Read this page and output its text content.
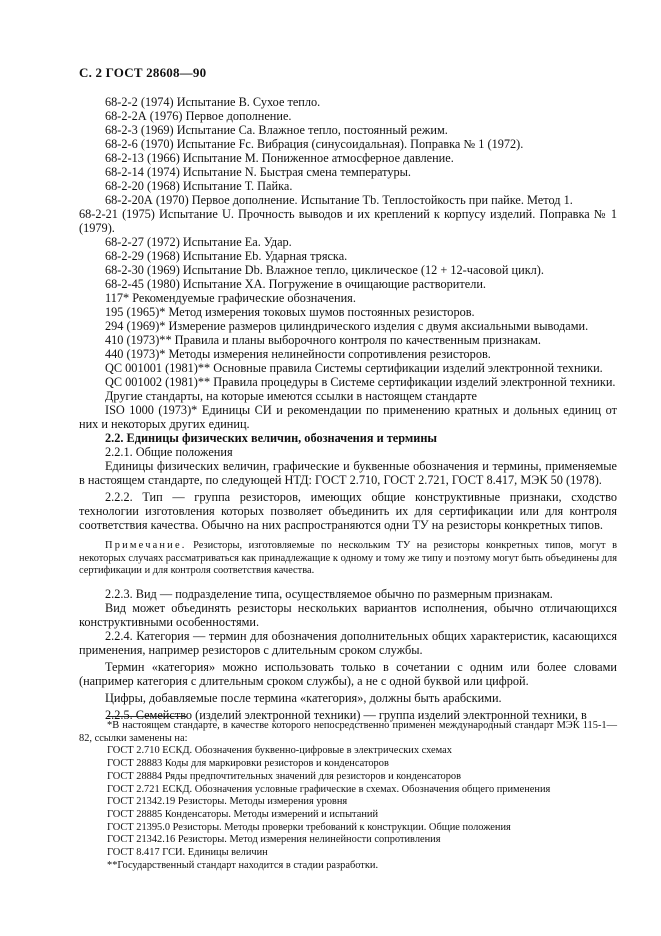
С. 2 ГОСТ 28608—90
68-2-2 (1974) Испытание В. Сухое тепло.
68-2-2А (1976) Первое дополнение.
68-2-3 (1969) Испытание Са. Влажное тепло, постоянный режим.
68-2-6 (1970) Испытание Fc. Вибрация (синусоидальная). Поправка № 1 (1972).
68-2-13 (1966) Испытание М. Пониженное атмосферное давление.
68-2-14 (1974) Испытание N. Быстрая смена температуры.
68-2-20 (1968) Испытание Т. Пайка.
68-2-20А (1970) Первое дополнение. Испытание Tb. Теплостойкость при пайке. Метод 1.
68-2-21 (1975) Испытание U. Прочность выводов и их креплений к корпусу изделий. Поправка № 1 (1979).
68-2-27 (1972) Испытание Еа. Удар.
68-2-29 (1968) Испытание Eb. Ударная тряска.
68-2-30 (1969) Испытание Db. Влажное тепло, циклическое (12 + 12-часовой цикл).
68-2-45 (1980) Испытание XA. Погружение в очищающие растворители.
117* Рекомендуемые графические обозначения.
195 (1965)* Метод измерения токовых шумов постоянных резисторов.
294 (1969)* Измерение размеров цилиндрического изделия с двумя аксиальными выводами.
410 (1973)** Правила и планы выборочного контроля по качественным признакам.
440 (1973)* Методы измерения нелинейности сопротивления резисторов.
QC 001001 (1981)** Основные правила Системы сертификации изделий электронной техники.
QC 001002 (1981)** Правила процедуры в Системе сертификации изделий электронной техники.
Другие стандарты, на которые имеются ссылки в настоящем стандарте
ISO 1000 (1973)* Единицы СИ и рекомендации по применению кратных и дольных единиц от них и некоторых других единиц.
2.2. Единицы физических величин, обозначения и термины
2.2.1. Общие положения
Единицы физических величин, графические и буквенные обозначения и термины, применяемые в настоящем стандарте, по следующей НТД: ГОСТ 2.710, ГОСТ 2.721, ГОСТ 8.417, МЭК 50 (1978).
2.2.2. Тип — группа резисторов, имеющих общие конструктивные признаки, сходство технологии изготовления которых позволяет объединить их для сертификации или для контроля соответствия качества. Обычно на них распространяются одни ТУ на резисторы конкретных типов.
Примечание. Резисторы, изготовляемые по нескольким ТУ на резисторы конкретных типов, могут в некоторых случаях рассматриваться как принадлежащие к одному и тому же типу и поэтому могут быть объединены для сертификации и для контроля соответствия качества.
2.2.3. Вид — подразделение типа, осуществляемое обычно по размерным признакам.
Вид может объединять резисторы нескольких вариантов исполнения, обычно отличающихся конструктивными особенностями.
2.2.4. Категория — термин для обозначения дополнительных общих характеристик, касающихся применения, например резисторов с длительным сроком службы.
Термин «категория» можно использовать только в сочетании с одним или более словами (например категория с длительным сроком службы), а не с одной буквой или цифрой.
Цифры, добавляемые после термина «категория», должны быть арабскими.
2.2.5. Семейство (изделий электронной техники) — группа изделий электронной техники, в
*В настоящем стандарте, в качестве которого непосредственно применен международный стандарт МЭК 115-1—82, ссылки заменены на:
ГОСТ 2.710 ЕСКД. Обозначения буквенно-цифровые в электрических схемах
ГОСТ 28883 Коды для маркировки резисторов и конденсаторов
ГОСТ 28884 Ряды предпочтительных значений для резисторов и конденсаторов
ГОСТ 2.721 ЕСКД. Обозначения условные графические в схемах. Обозначения общего применения
ГОСТ 21342.19 Резисторы. Методы измерения уровня
ГОСТ 28885 Конденсаторы. Методы измерений и испытаний
ГОСТ 21395.0 Резисторы. Методы проверки требований к конструкции. Общие положения
ГОСТ 21342.16 Резисторы. Метод измерения нелинейности сопротивления
ГОСТ 8.417 ГСИ. Единицы величин
**Государственный стандарт находится в стадии разработки.
